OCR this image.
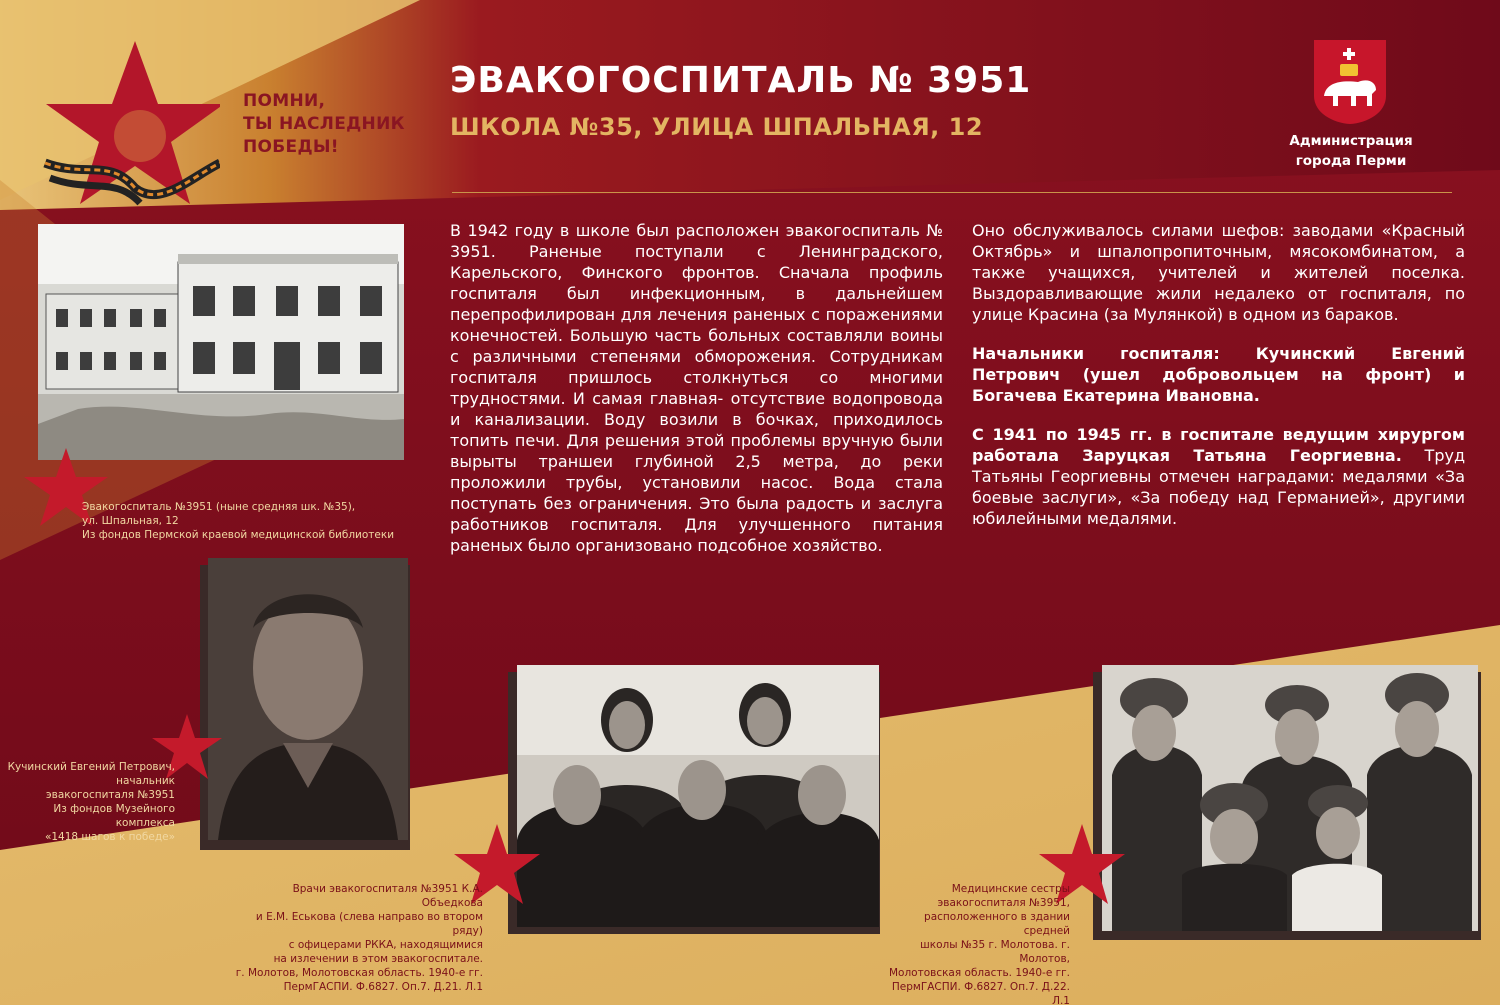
ПОМНИ,
ТЫ НАСЛЕДНИК
ПОБЕДЫ!
ЭВАКОГОСПИТАЛЬ № 3951
ШКОЛА №35, УЛИЦА ШПАЛЬНАЯ, 12	Администрация
города Перми
Эвакогоспиталь №3951 (ныне средняя шк. №35),
ул. Шпальная, 12
Из фондов Пермской краевой медицинской библиотеки
Кучинский Евгений Петрович,
начальник
эвакогоспиталя №3951
Из фондов Музейного комплекса
«1418 шагов к победе»
Врачи эвакогоспиталя №3951 К.А. Объедкова
и Е.М. Еськова (слева направо во втором ряду)
с офицерами РККА, находящимися
на излечении в этом эвакогоспитале.
г. Молотов, Молотовская область. 1940-е гг.
ПермГАСПИ. Ф.6827. Оп.7. Д.21. Л.1
Медицинские сестры
эвакогоспиталя №3951,
расположенного в здании средней
школы №35 г. Молотова. г. Молотов,
Молотовская область. 1940-е гг.
ПермГАСПИ. Ф.6827. Оп.7. Д.22. Л.1

В 1942 году в школе был расположен эвакогоспиталь № 3951. Раненые поступали с Ленинградского, Карельского, Финского фронтов. Сначала профиль госпиталя был инфекционным, в дальнейшем перепрофилирован для лечения раненых с поражениями конечностей. Большую часть больных составляли воины с различными степенями обморожения. Сотрудникам госпиталя пришлось столкнуться со многими трудностями. И самая главная- отсутствие водопровода и канализации. Воду возили в бочках, приходилось топить печи. Для решения этой проблемы вручную были вырыты траншеи глубиной 2,5 метра, до реки проложили трубы, установили насос. Вода стала поступать без ограничения. Это была радость и заслуга работников госпиталя. Для улучшенного питания раненых было организовано подсобное хозяйство.

Оно обслуживалось силами шефов: заводами «Красный Октябрь» и шпалопропиточным, мясокомбинатом, а также учащихся, учителей и жителей поселка. Выздоравливающие жили недалеко от госпиталя, по улице Красина (за Мулянкой) в одном из бараков.

Начальники госпиталя: Кучинский Евгений Петрович (ушел добровольцем на фронт) и Богачева Екатерина Ивановна.

С 1941 по 1945 гг. в госпитале ведущим хирургом работала Заруцкая Татьяна Георгиевна. Труд Татьяны Георгиевны отмечен наградами: медалями «За боевые заслуги», «За победу над Германией», другими юбилейными медалями.
